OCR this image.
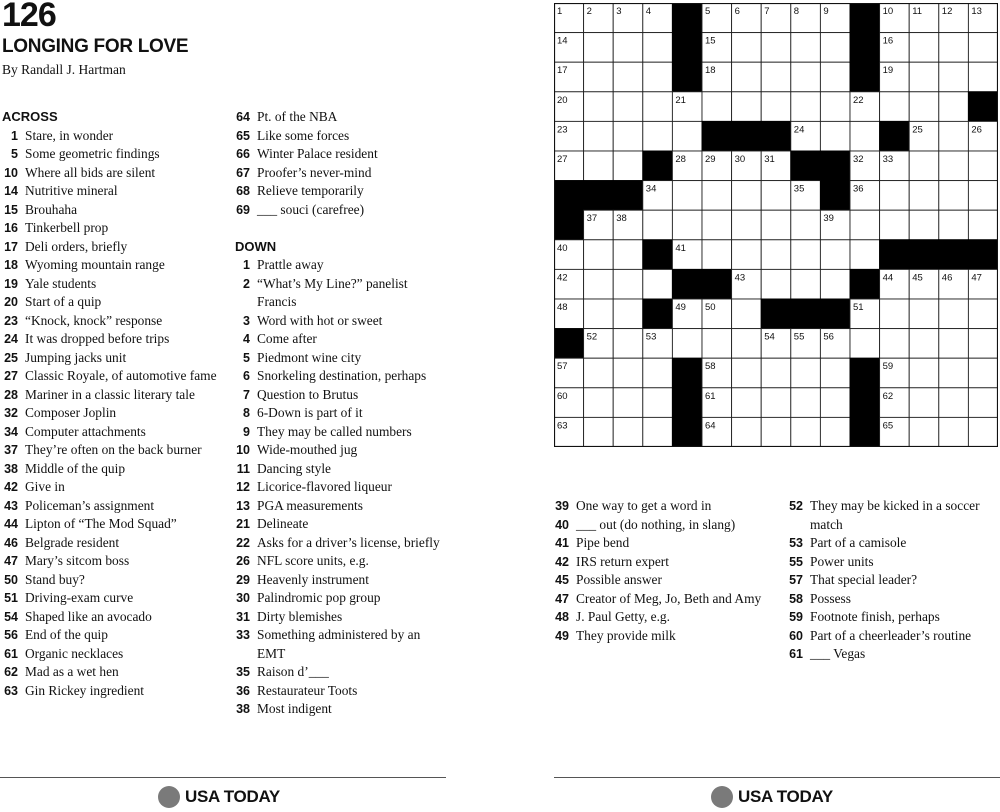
126
LONGING FOR LOVE
By Randall J. Hartman
ACROSS
1 Stare, in wonder
5 Some geometric findings
10 Where all bids are silent
14 Nutritive mineral
15 Brouhaha
16 Tinkerbell prop
17 Deli orders, briefly
18 Wyoming mountain range
19 Yale students
20 Start of a quip
23 “Knock, knock” response
24 It was dropped before trips
25 Jumping jacks unit
27 Classic Royale, of automotive fame
28 Mariner in a classic literary tale
32 Composer Joplin
34 Computer attachments
37 They’re often on the back burner
38 Middle of the quip
42 Give in
43 Policeman’s assignment
44 Lipton of “The Mod Squad”
46 Belgrade resident
47 Mary’s sitcom boss
50 Stand buy?
51 Driving-exam curve
54 Shaped like an avocado
56 End of the quip
61 Organic necklaces
62 Mad as a wet hen
63 Gin Rickey ingredient
64 Pt. of the NBA
65 Like some forces
66 Winter Palace resident
67 Proofer’s never-mind
68 Relieve temporarily
69 ___ souci (carefree)
DOWN
1 Prattle away
2 “What’s My Line?” panelist Francis
3 Word with hot or sweet
4 Come after
5 Piedmont wine city
6 Snorkeling destination, perhaps
7 Question to Brutus
8 6-Down is part of it
9 They may be called numbers
10 Wide-mouthed jug
11 Dancing style
12 Licorice-flavored liqueur
13 PGA measurements
21 Delineate
22 Asks for a driver’s license, briefly
26 NFL score units, e.g.
29 Heavenly instrument
30 Palindromic pop group
31 Dirty blemishes
33 Something administered by an EMT
35 Raison d’___
36 Restaurateur Toots
38 Most indigent
39 One way to get a word in
40 ___ out (do nothing, in slang)
41 Pipe bend
42 IRS return expert
45 Possible answer
47 Creator of Meg, Jo, Beth and Amy
48 J. Paul Getty, e.g.
49 They provide milk
52 They may be kicked in a soccer match
53 Part of a camisole
55 Power units
57 That special leader?
58 Possess
59 Footnote finish, perhaps
60 Part of a cheerleader’s routine
61 ___ Vegas
1	2	3	4	5	6	7	8	9	10 11 12 13
14	15	16
17	18	19
20	21	22
23	24	25	26
27	28 29 30 31	32 33
34	35	36
37 38	39
40	41
42	43	44 45 46 47
48	49 50	51
52	53	54 55 56
57	58	59
60	61	62
63	64	65
USA TODAY	USA TODAY
